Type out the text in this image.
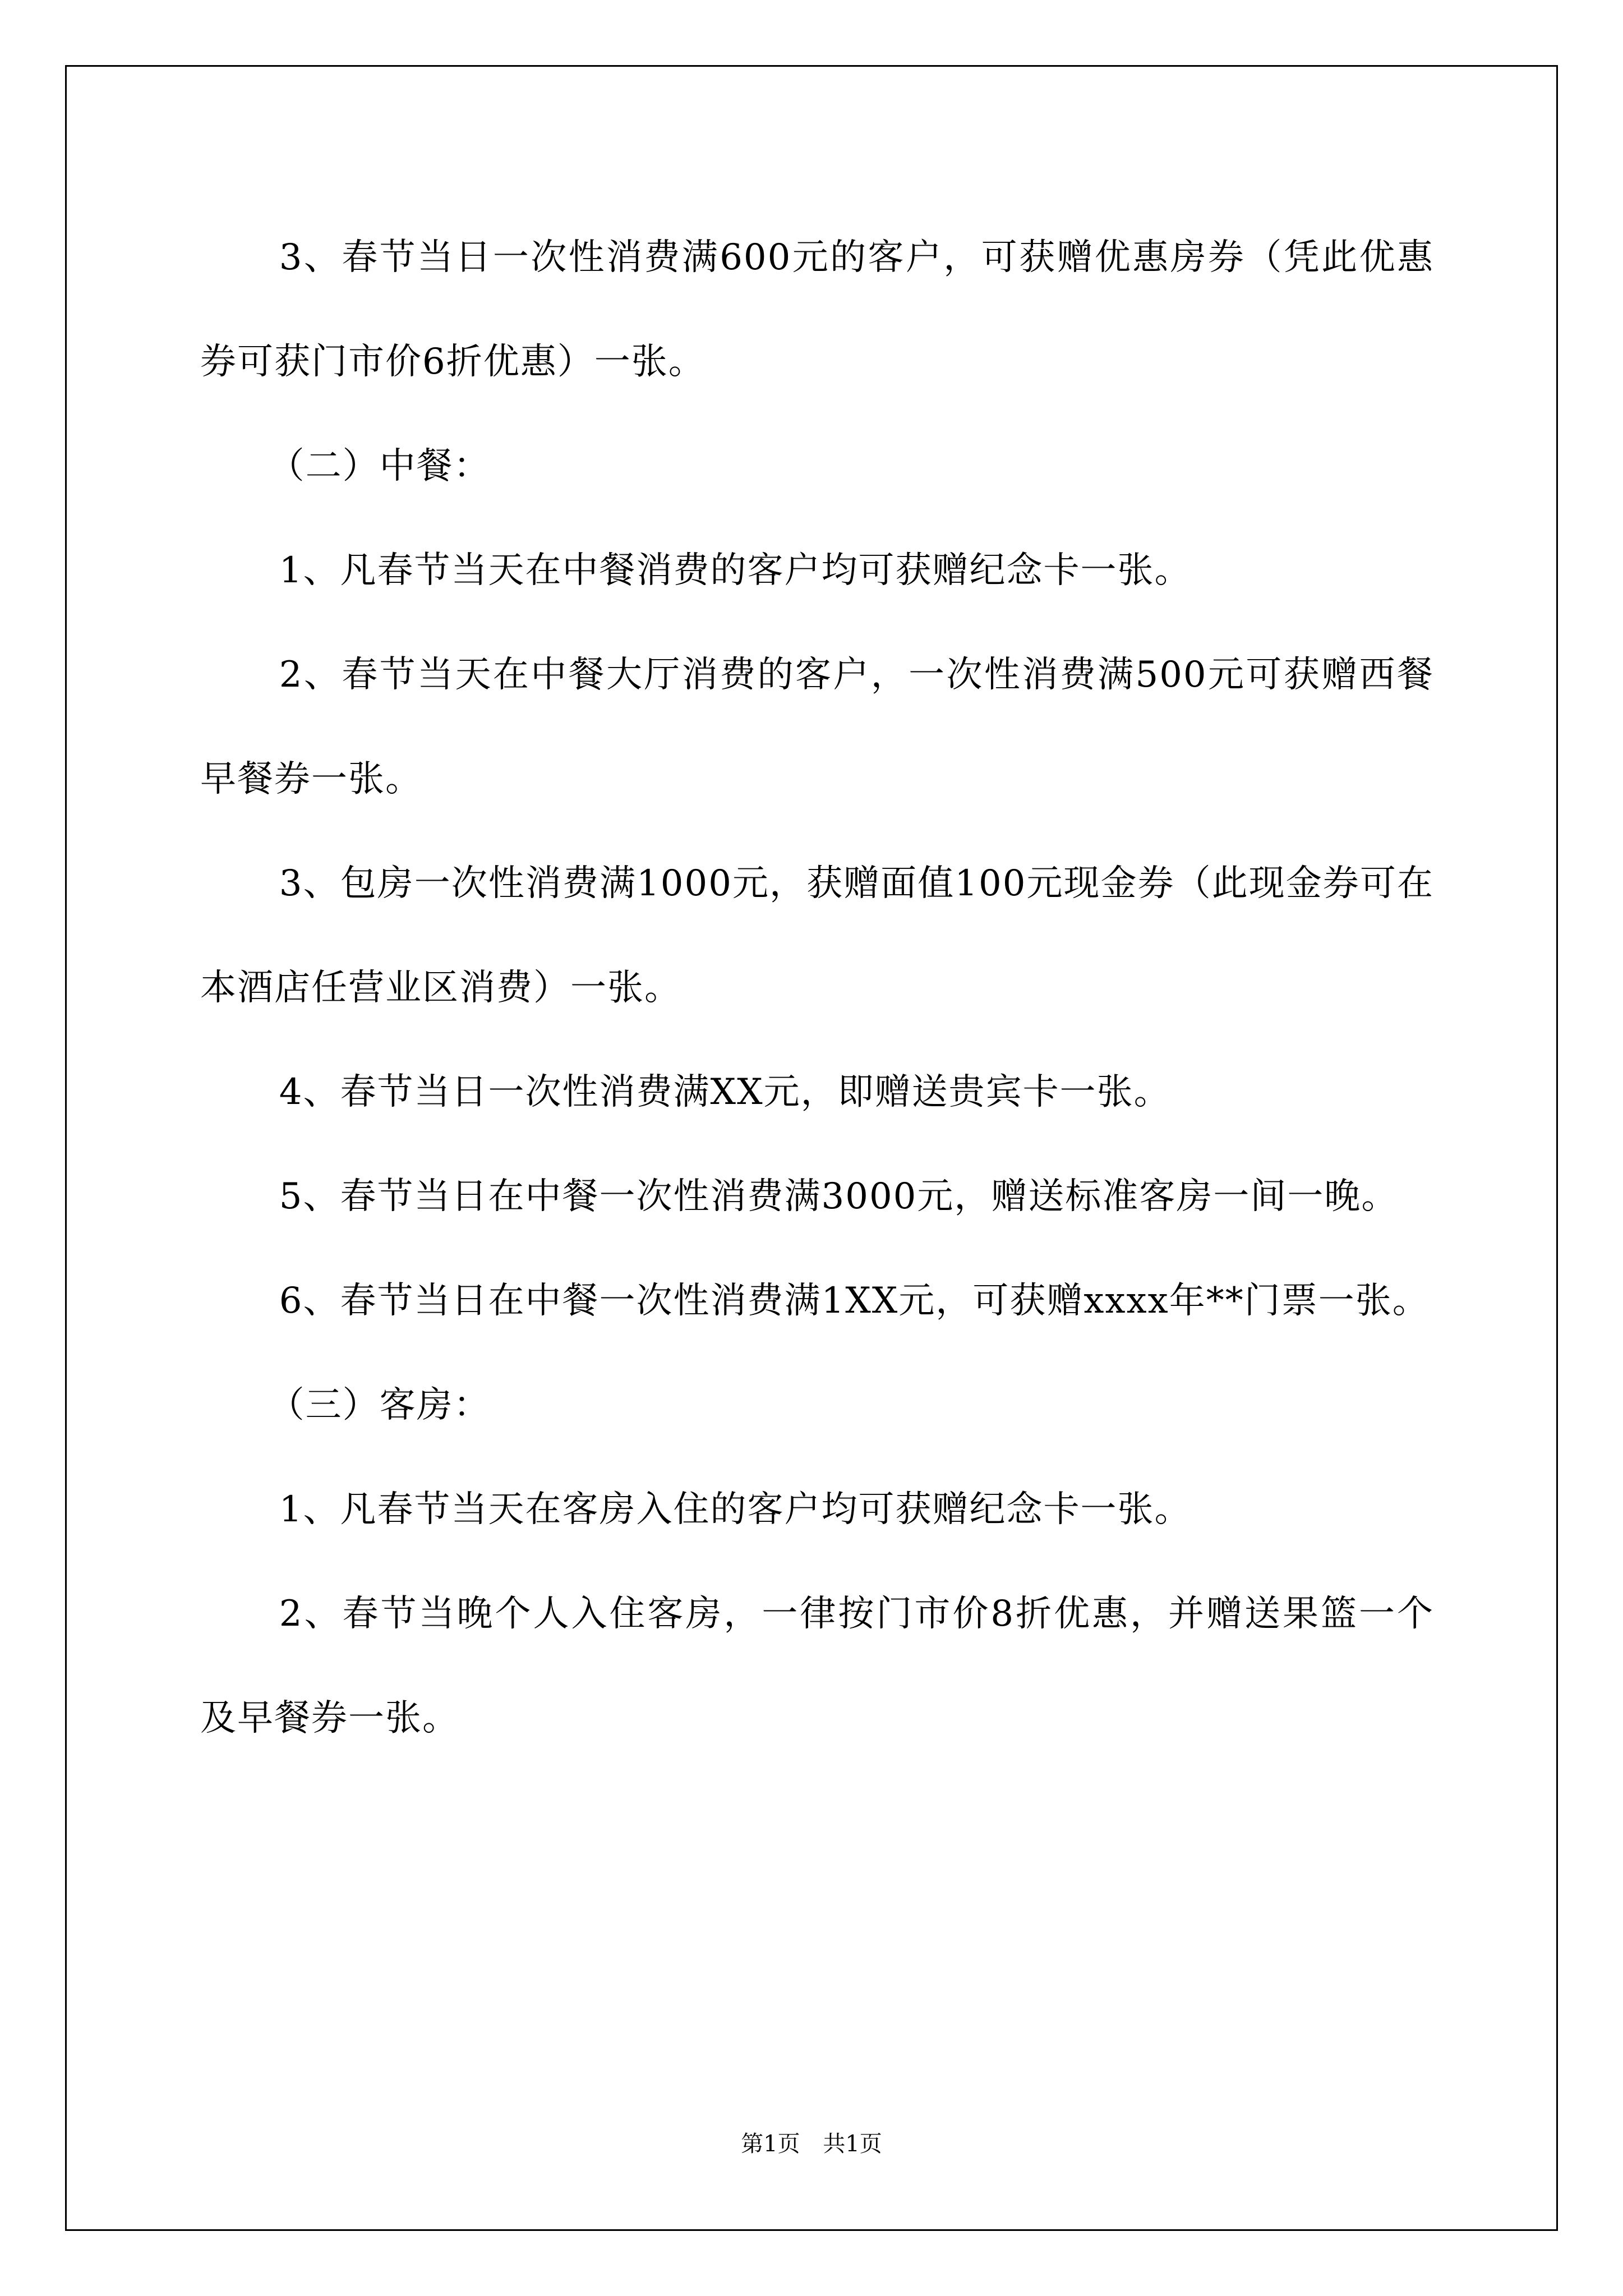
3、春节当日一次性消费满600元的客户，可获赠优惠房券（凭此优惠券可获门市价6折优惠）一张。

（二）中餐：

1、凡春节当天在中餐消费的客户均可获赠纪念卡一张。

2、春节当天在中餐大厅消费的客户，一次性消费满500元可获赠西餐早餐券一张。

3、包房一次性消费满1000元，获赠面值100元现金券（此现金券可在本酒店任营业区消费）一张。

4、春节当日一次性消费满XX元，即赠送贵宾卡一张。

5、春节当日在中餐一次性消费满3000元，赠送标准客房一间一晚。

6、春节当日在中餐一次性消费满1XX元，可获赠xxxx年**门票一张。

（三）客房：

1、凡春节当天在客房入住的客户均可获赠纪念卡一张。

2、春节当晚个人入住客房，一律按门市价8折优惠，并赠送果篮一个及早餐券一张。

第1页 共1页
